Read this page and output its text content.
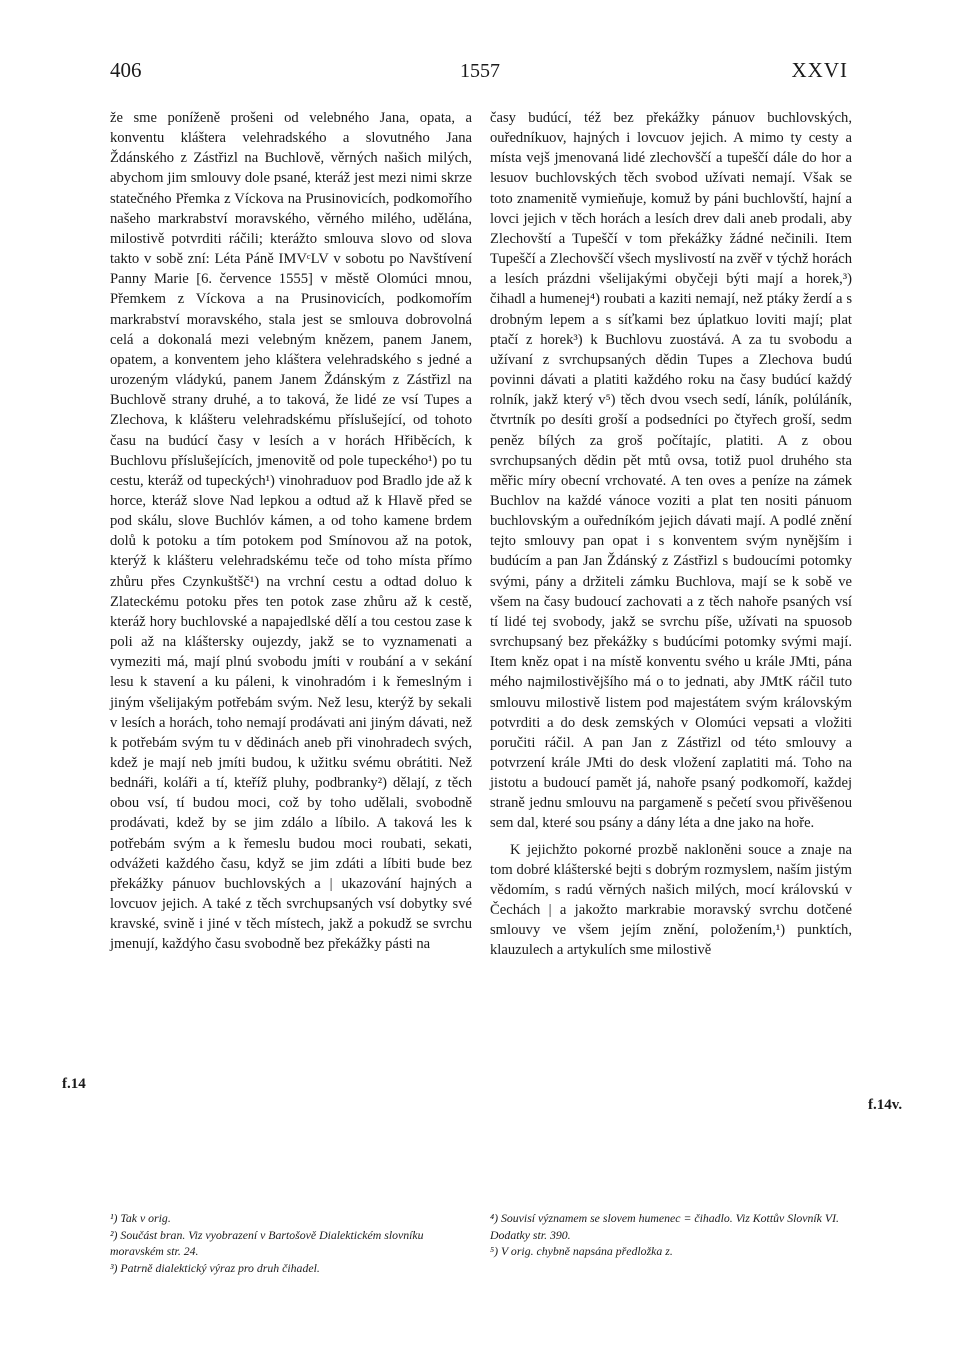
406	1557	XXVI

že sme poníženě prošeni od velebného Jana, opata, a konventu kláštera velehradského a slovutného Jana Ždánského z Zástřizl na Buchlově, věrných našich milých, abychom jim smlouvy dole psané, kteráž jest mezi nimi skrze statečného Přemka z Víckova na Prusinovicích, podkomořího našeho markrabství moravského, věrného milého, udělána, milostivě potvrditi ráčili; kterážto smlouva slovo od slova takto v sobě zní: Léta Páně IMVᶜLV v sobotu po Navštívení Panny Marie [6. července 1555] v městě Olomúci mnou, Přemkem z Víckova a na Prusinovicích, podkomořím markrabství moravského, stala jest se smlouva dobrovolná celá a dokonalá mezi velebným knězem, panem Janem, opatem, a konventem jeho kláštera velehradského s jedné a urozeným vládykú, panem Janem Ždánským z Zástřizl na Buchlově strany druhé, a to taková, že lidé ze vsí Tupes a Zlechova, k klášteru velehradskému příslušející, od tohoto času na budúcí časy v lesích a v horách Hřiběcích, k Buchlovu příslušejících, jmenovitě od pole tupeckého¹) po tu cestu, kteráž od tupeckých¹) vinohraduov pod Bradlo jde až k horce, kteráž slove Nad lepkou a odtud až k Hlavě před se pod skálu, slove Buchlóv kámen, a od toho kamene brdem dolů k potoku a tím potokem pod Smínovou až na potok, kterýž k klášteru velehradskému teče od toho místa přímo zhůru přes Czynkuštšč¹) na vrchní cestu a odtad doluo k Zlateckému potoku přes ten potok zase zhůru až k cestě, kteráž hory buchlovské a napajedlské dělí a tou cestou zase k poli až na klášterskу oujezdy, jakž se to vyznamenati a vymeziti má, mají plnú svobodu jmíti v roubání a v sekání lesu k stavení a ku páleni, k vinohradóm i k řemeslným i jiným všelijakým potřebám svým. Než lesu, kterýž by sekali v lesích a horách, toho nemají prodávati ani jiným dávati, než k potřebám svým tu v dědinách aneb při vinohradech svých, kdež je mají neb jmíti budou, k užitku svému obrátiti. Než bednáři, koláři a tí, kteříž pluhy, podbranky²) dělají, z těch obou vsí, tí budou moci, což by toho udělali, svobodně prodávati, kdež by se jim zdálo a líbilo. A taková les k potřebám svým a k řemeslu budou moci roubati, sekati, odvážeti každého času, když se jim zdáti a líbiti bude bez překážky pánuov buchlovských a | ukazování hajných a lovcuov jejich. A také z těch svrchupsaných vsí dobytky své kravské, svině i jiné v těch místech, jakž a pokudž se svrchu jmenují, každýho času svobodně bez překážky pásti na

časy budúcí, též bez překážky pánuov buchlovských, ouředníkuov, hajných i lovcuov jejich. A mimo ty cesty a místa vejš jmenovaná lidé zlechovščí a tupeščí dále do hor a lesuov buchlovských těch svobod užívati nemají. Však se toto znamenitě vymieňuje, komuž by páni buchlovští, hajní a lovci jejich v těch horách a lesích drev dali aneb prodali, aby Zlechovští a Tupeščí v tom překážky žádné nečinili. Item Tupeščí a Zlechovščí všech myslivostí na zvěř v týchž horách a lesích prázdni všelijakými obyčeji býti mají a horek,³) čihadl a humenej⁴) roubati a kaziti nemají, než ptáky žerdí a s drobným lepem a s síťkami bez úplatkuo loviti mají; plat ptačí z horek³) k Buchlovu zuostává. A za tu svobodu a užívaní z svrchupsaných dědin Tupes a Zlechova budú povinni dávati a platiti každého roku na časy budúcí každý rolník, jakž který v⁵) těch dvou vsech sedí, láník, polúláník, čtvrtník po desíti groší a podsedníci po čtyřech groší, sedm peněz bílých za groš počítajíc, platiti. A z obou svrchupsaných dědin pět mtů ovsa, totiž puol druhého sta měřic míry obecní vrchovaté. A ten oves a peníze na zámek Buchlov na každé vánoce voziti a plat ten nositi pánuom buchlovským a ouředníkóm jejich dávati mají. A podlé znění tejto smlouvy pan opat i s konventem svým nynějším i budúcím a pan Jan Ždánský z Zástřizl s budoucími potomky svými, pány a držiteli zámku Buchlova, mají se k sobě ve všem na časy budoucí zachovati a z těch nahoře psaných vsí tí lidé tej svobody, jakž se svrchu píše, užívati na spuosob svrchupsaný bez překážky s budúcími potomky svými mají. Item kněz opat i na místě konventu svého u krále JMti, pána mého najmilostivějšího má o to jednati, aby JMtK ráčil tuto smlouvu milostivě listem pod majestátem svým královským potvrditi a do desk zemských v Olomúci vepsati a vložiti poručiti ráčil. A pan Jan z Zástřizl od této smlouvy a potvrzení krále JMti do desk vložení zaplatiti má. Toho na jistotu a budoucí pamět já, nahoře psaný podkomoří, každej straně jednu smlouvu na pargameně s pečetí svou přivěšenou sem dal, které sou psány a dány léta a dne jako na hoře.

K jejichžto pokorné prozbě nakloněni souce a znaje na tom dobré klášterské bejti s dobrým rozmyslem, naším jistým vědomím, s radú věrných našich milých, mocí královskú v Čechách | a jakožto markrabie moravský svrchu dotčené smlouvy ve všem jejím znění, položením,¹) punktích, klauzulech a artykulích sme milostivě

f.14
f.14v.

¹) Tak v orig.

²) Součást bran. Viz vyobrazení v Bartošově Dialektickém slovníku moravském str. 24.

³) Patrně dialektický výraz pro druh čihadel.

⁴) Souvisí významem se slovem humenec = čihadlo. Viz Kottův Slovník VI. Dodatky str. 390.

⁵) V orig. chybně napsána předložka z.
